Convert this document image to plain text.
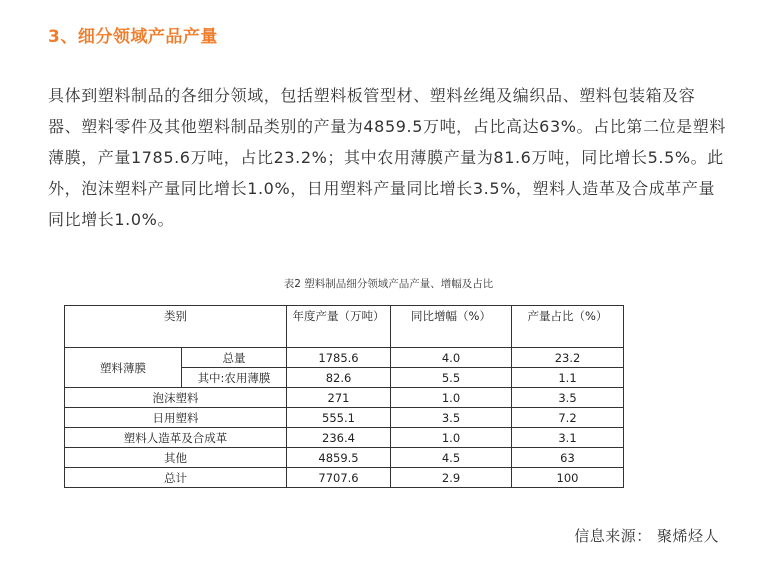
3、细分领域产品产量
具体到塑料制品的各细分领域，包括塑料板管型材、塑料丝绳及编织品、塑料包装箱及容器、塑料零件及其他塑料制品类别的产量为4859.5万吨，占比高达63%。占比第二位是塑料薄膜，产量1785.6万吨，占比23.2%；其中农用薄膜产量为81.6万吨，同比增长5.5%。此外，泡沫塑料产量同比增长1.0%，日用塑料产量同比增长3.5%，塑料人造革及合成革产量同比增长1.0%。
表2 塑料制品细分领域产品产量、增幅及占比
类别		年度产量（万吨）	同比增幅（%）	产量占比（%）
塑料薄膜	总量	1785.6	4.0	23.2
	其中:农用薄膜	82.6	5.5	1.1
泡沫塑料		271	1.0	3.5
日用塑料		555.1	3.5	7.2
塑料人造革及合成革		236.4	1.0	3.1
其他		4859.5	4.5	63
总计		7707.6	2.9	100
信息来源： 聚烯烃人
